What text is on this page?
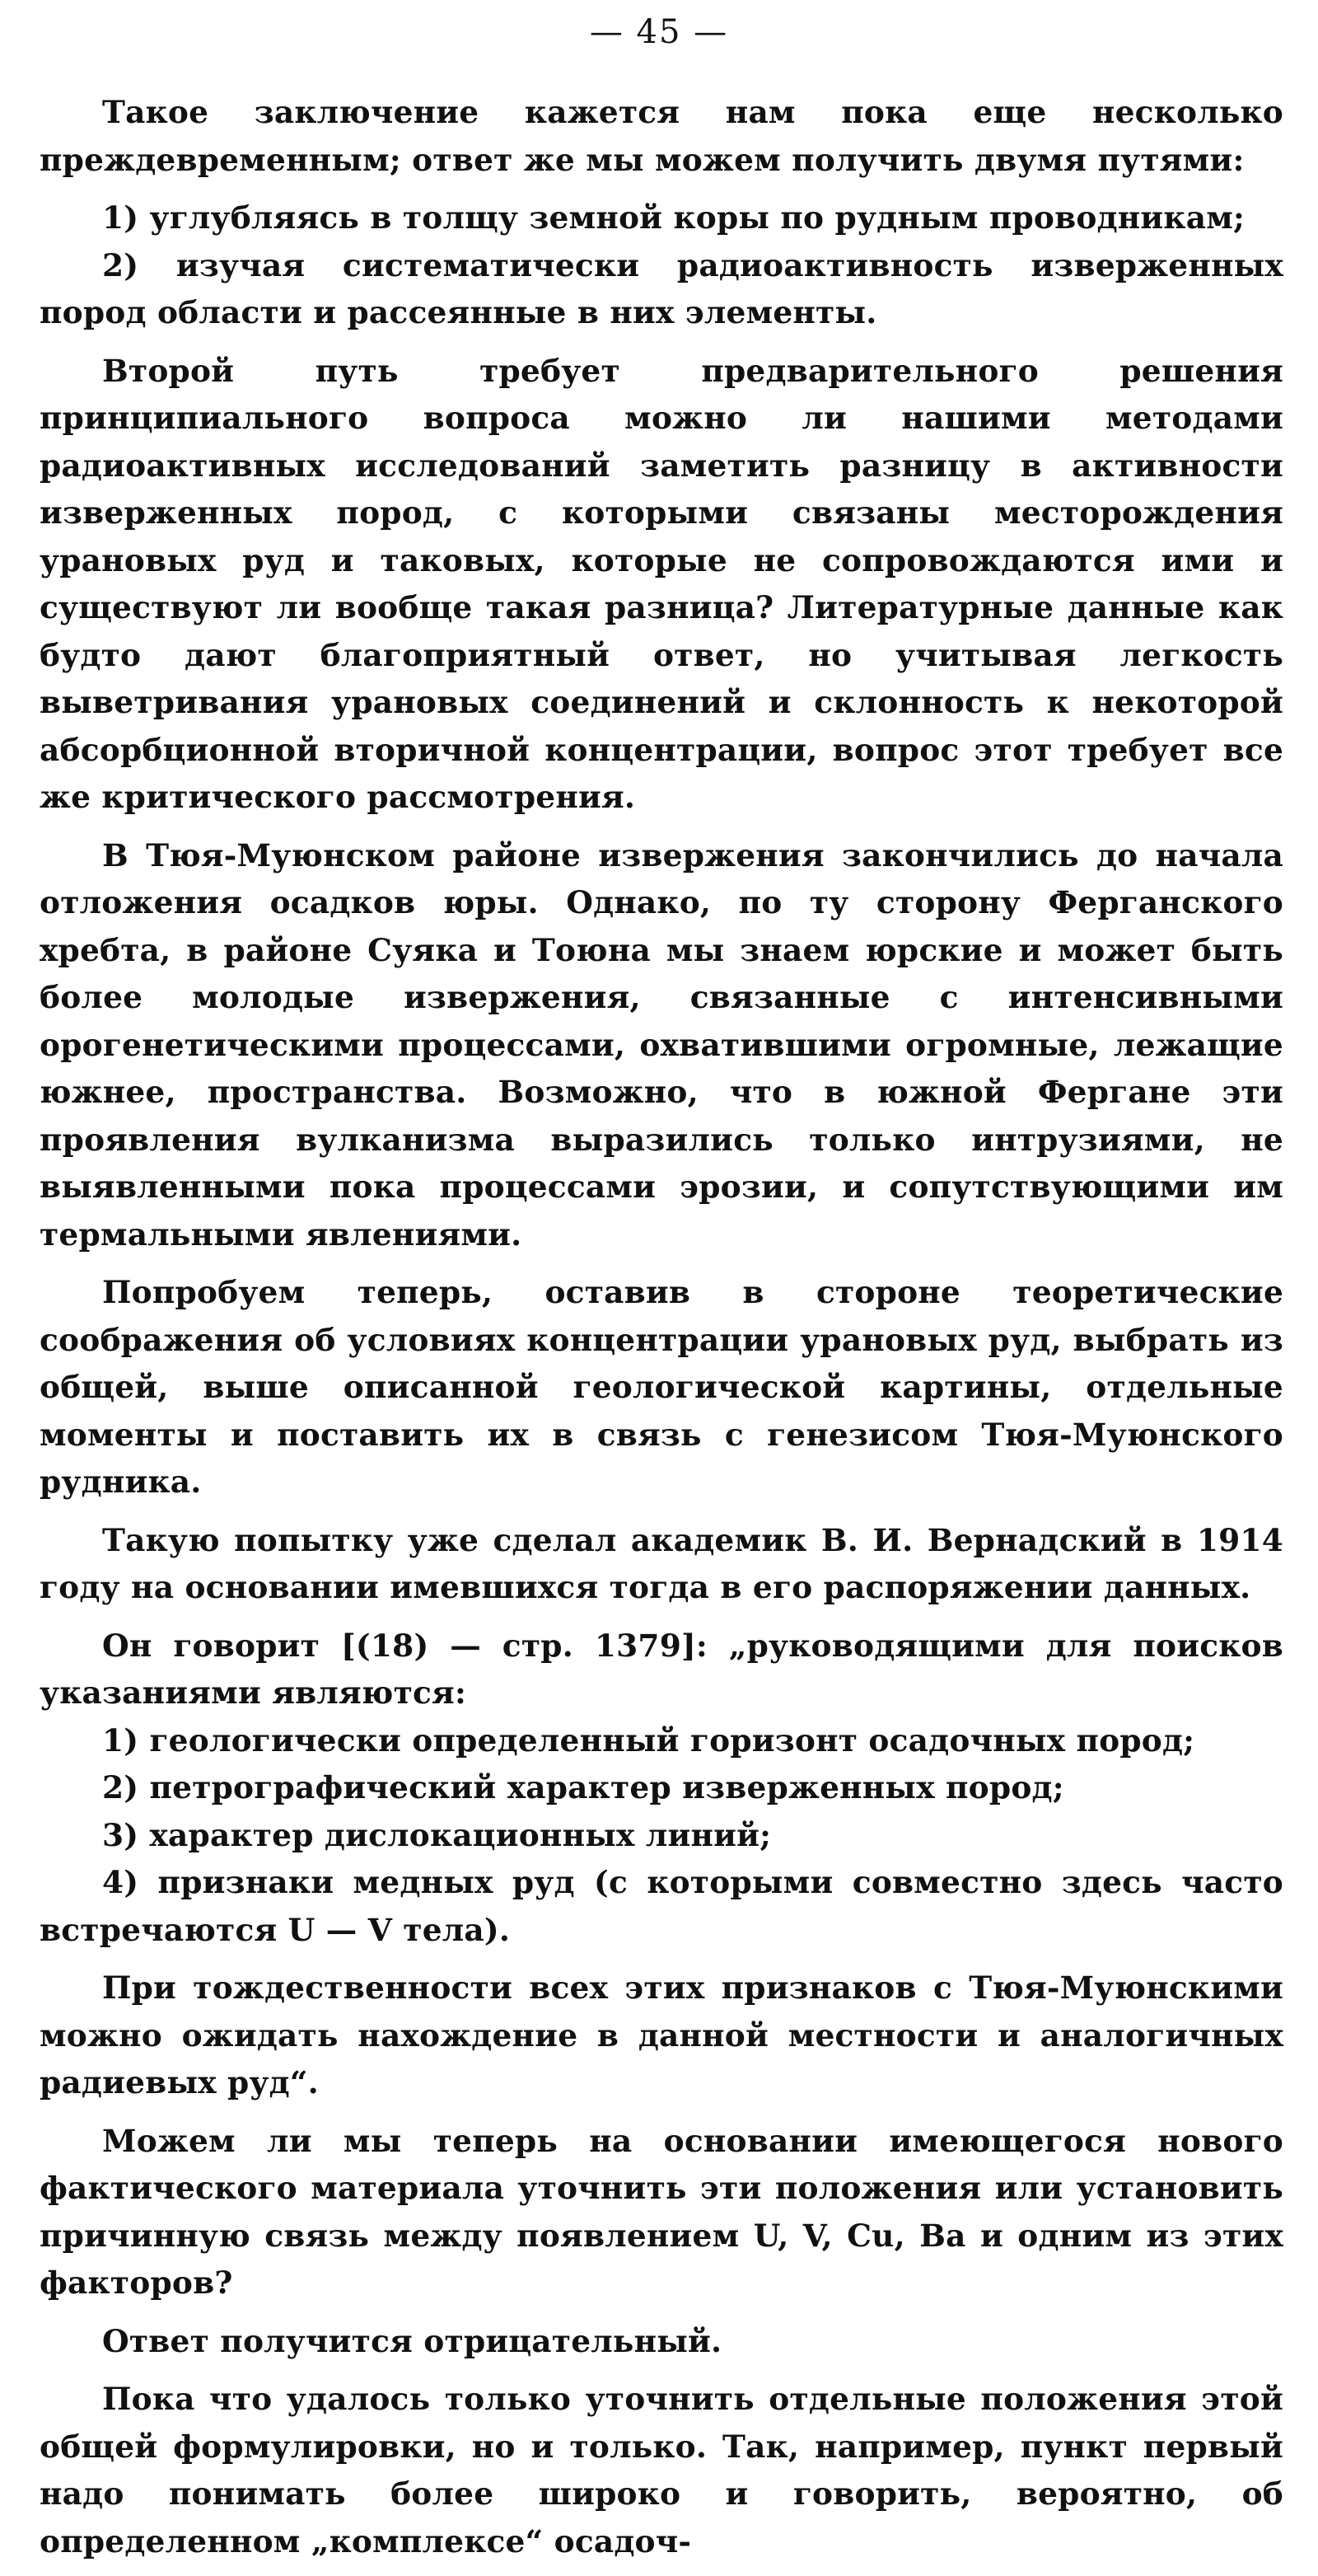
— 45 —

Такое заключение кажется нам пока еще несколько преждевременным; ответ же мы можем получить двумя путями:

1) углубляясь в толщу земной коры по рудным проводникам;

2) изучая систематически радиоактивность изверженных пород области и рассеянные в них элементы.

Второй путь требует предварительного решения принципиального вопроса можно ли нашими методами радиоактивных исследований заметить разницу в активности изверженных пород, с которыми связаны месторождения урановых руд и таковых, которые не сопровождаются ими и существуют ли вообще такая разница? Литературные данные как будто дают благоприятный ответ, но учитывая легкость выветривания урановых соединений и склонность к некоторой абсорбционной вторичной концентрации, вопрос этот требует все же критического рассмотрения.

В Тюя-Муюнском районе извержения закончились до начала отложения осадков юры. Однако, по ту сторону Ферганского хребта, в районе Суяка и Тоюна мы знаем юрские и может быть более молодые извержения, связанные с интенсивными орогенетическими процессами, охватившими огромные, лежащие южнее, пространства. Возможно, что в южной Фергане эти проявления вулканизма выразились только интрузиями, не выявленными пока процессами эрозии, и сопутствующими им термальными явлениями.

Попробуем теперь, оставив в стороне теоретические соображения об условиях концентрации урановых руд, выбрать из общей, выше описанной геологической картины, отдельные моменты и поставить их в связь с генезисом Тюя-Муюнского рудника.

Такую попытку уже сделал академик В. И. Вернадский в 1914 году на основании имевшихся тогда в его распоряжении данных.

Он говорит [(18) — стр. 1379]: „руководящими для поисков указаниями являются:

1) геологически определенный горизонт осадочных пород;

2) петрографический характер изверженных пород;

3) характер дислокационных линий;

4) признаки медных руд (с которыми совместно здесь часто встречаются U — V тела).

При тождественности всех этих признаков с Тюя-Муюнскими можно ожидать нахождение в данной местности и аналогичных радиевых руд“.

Можем ли мы теперь на основании имеющегося нового фактического материала уточнить эти положения или установить причинную связь между появлением U, V, Cu, Ba и одним из этих факторов?

Ответ получится отрицательный.

Пока что удалось только уточнить отдельные положения этой общей формулировки, но и только. Так, например, пункт первый надо понимать более широко и говорить, вероятно, об определенном „комплексе“ осадоч-
